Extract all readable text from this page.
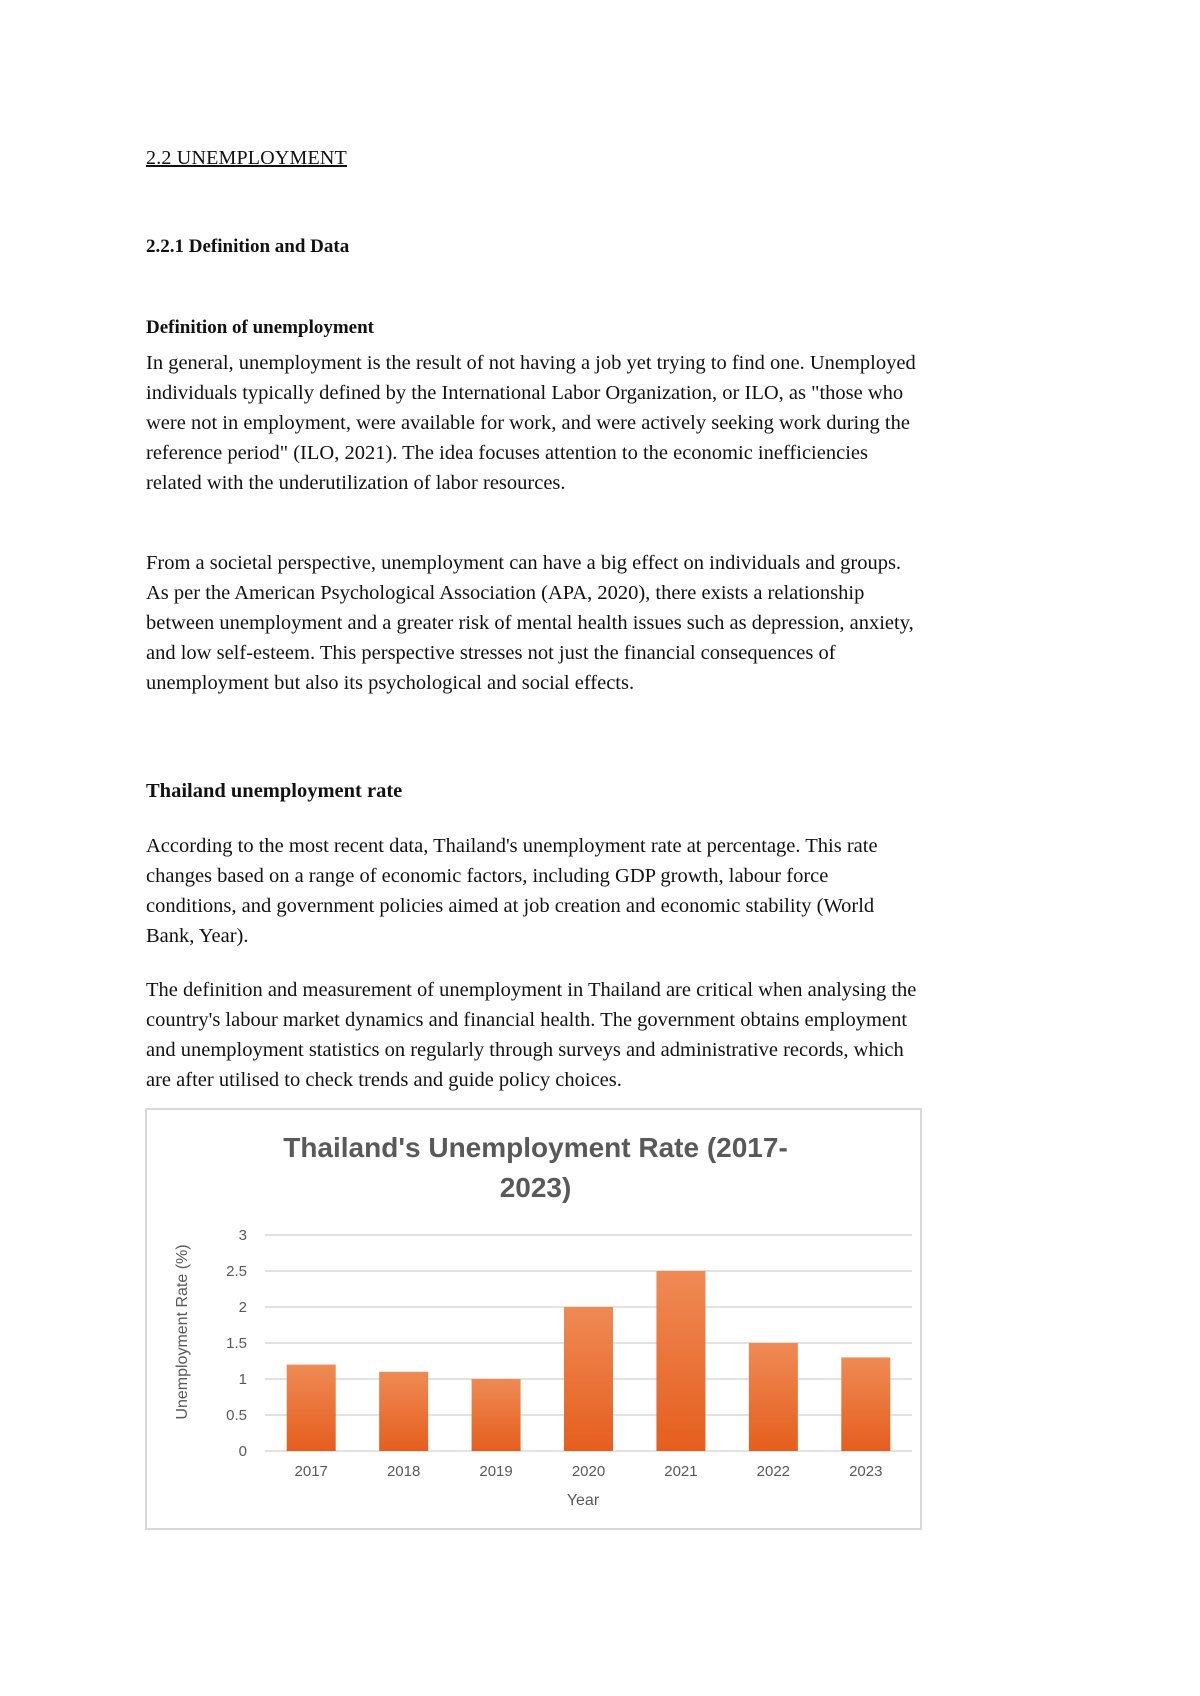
2.2 UNEMPLOYMENT
2.2.1 Definition and Data
Definition of unemployment
In general, unemployment is the result of not having a job yet trying to find one. Unemployed
individuals typically defined by the International Labor Organization, or ILO, as "those who
were not in employment, were available for work, and were actively seeking work during the
reference period" (ILO, 2021). The idea focuses attention to the economic inefficiencies
related with the underutilization of labor resources.
From a societal perspective, unemployment can have a big effect on individuals and groups.
As per the American Psychological Association (APA, 2020), there exists a relationship
between unemployment and a greater risk of mental health issues such as depression, anxiety,
and low self-esteem. This perspective stresses not just the financial consequences of
unemployment but also its psychological and social effects.
Thailand unemployment rate
According to the most recent data, Thailand's unemployment rate at percentage. This rate
changes based on a range of economic factors, including GDP growth, labour force
conditions, and government policies aimed at job creation and economic stability (World
Bank, Year).
The definition and measurement of unemployment in Thailand are critical when analysing the
country's labour market dynamics and financial health. The government obtains employment
and unemployment statistics on regularly through surveys and administrative records, which
are after utilised to check trends and guide policy choices.
Thailand's Unemployment Rate (2017-
2023)
0
0.5
1
1.5
2
2.5
3
2017	2018	2019	2020	2021	2022	2023
Year
Unemployment Rate (%)
